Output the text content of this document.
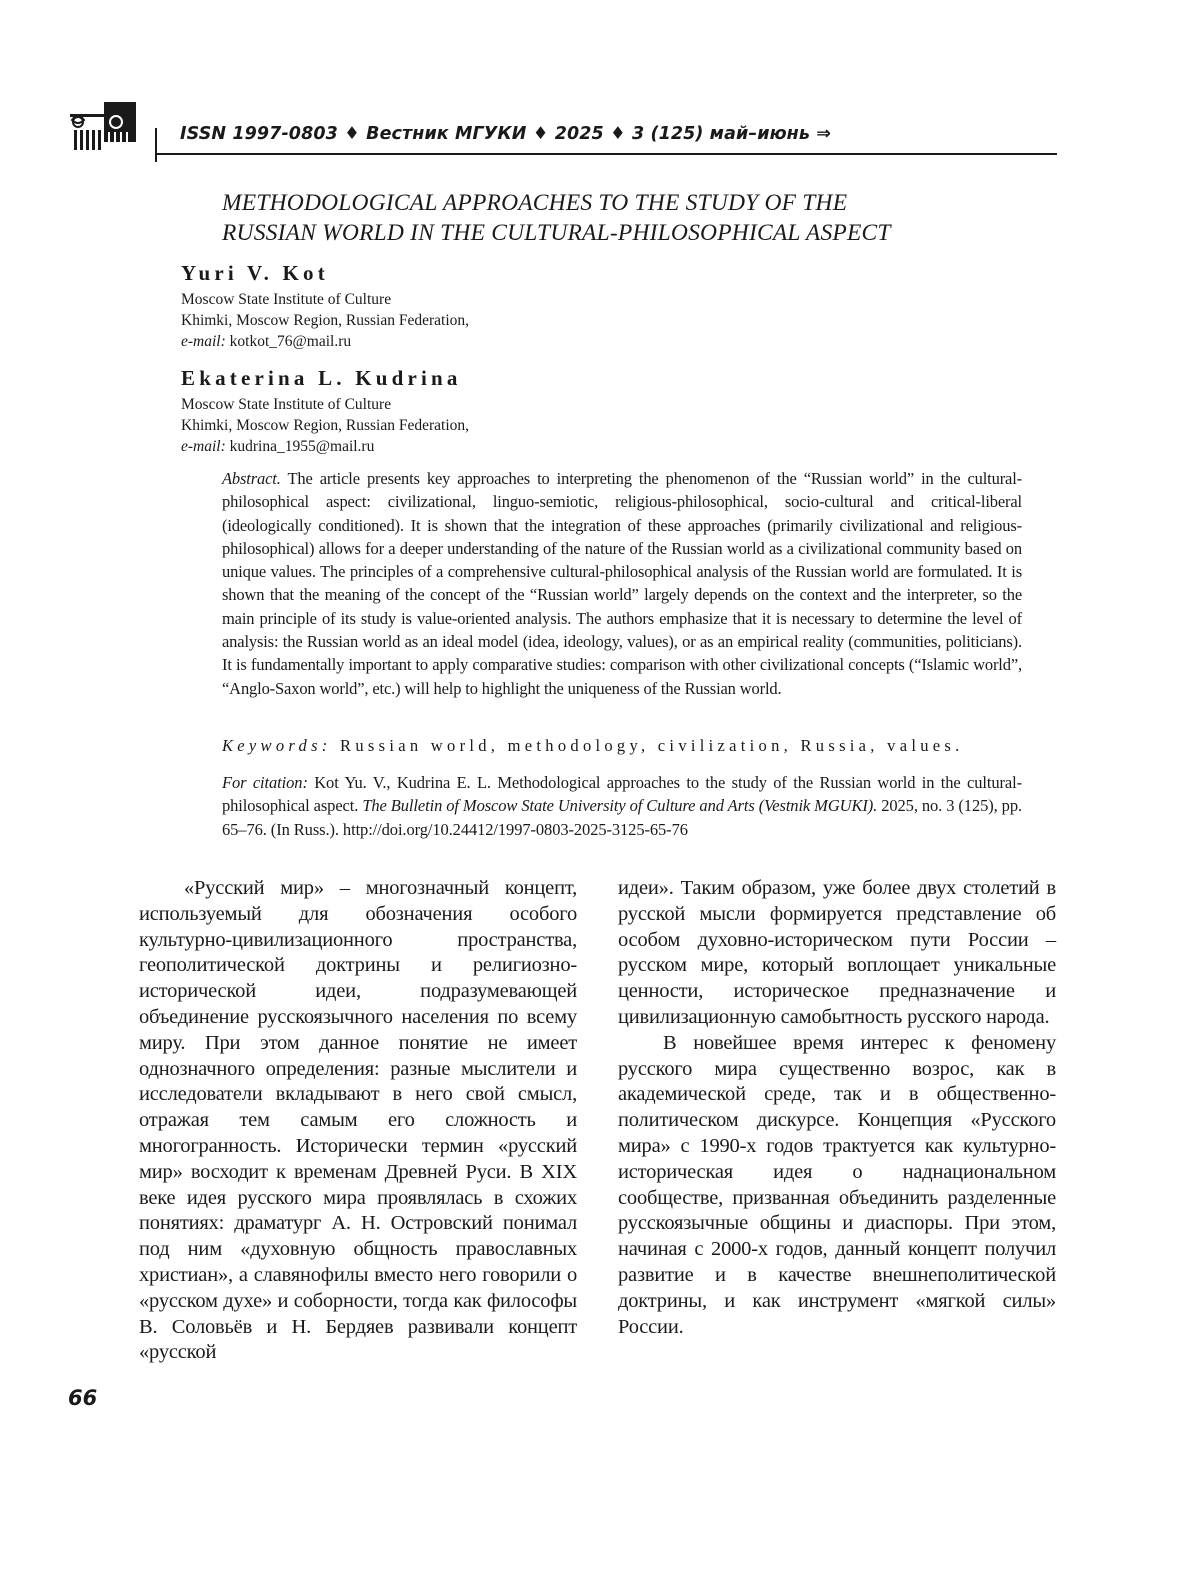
ISSN 1997-0803 ♦ Вестник МГУКИ ♦ 2025 ♦ 3 (125) май–июнь ⇒
METHODOLOGICAL APPROACHES TO THE STUDY OF THE
RUSSIAN WORLD IN THE CULTURAL-PHILOSOPHICAL ASPECT
Yuri V. Kot
Moscow State Institute of Culture
Khimki, Moscow Region, Russian Federation,
e-mail: kotkot_76@mail.ru
Ekaterina L. Kudrina
Moscow State Institute of Culture
Khimki, Moscow Region, Russian Federation,
e-mail: kudrina_1955@mail.ru
Abstract. The article presents key approaches to interpreting the phenomenon of the “Russian world” in the cultural-philosophical aspect: civilizational, linguo-semiotic, religious-philosophical, socio-cultural and critical-liberal (ideologically conditioned). It is shown that the integration of these approaches (primarily civilizational and religious-philosophical) allows for a deeper understanding of the nature of the Russian world as a civilizational community based on unique values. The principles of a comprehensive cultural-philosophical analysis of the Russian world are formulated. It is shown that the meaning of the concept of the “Russian world” largely depends on the context and the interpreter, so the main principle of its study is value-oriented analysis. The authors emphasize that it is necessary to determine the level of analysis: the Russian world as an ideal model (idea, ideology, values), or as an empirical reality (communities, politicians). It is fundamentally important to apply comparative studies: comparison with other civilizational concepts (“Islamic world”, “Anglo-Saxon world”, etc.) will help to highlight the uniqueness of the Russian world.
Keywords: Russian world, methodology, civilization, Russia, values.
For citation: Kot Yu. V., Kudrina E. L. Methodological approaches to the study of the Russian world in the cultural-philosophical aspect. The Bulletin of Moscow State University of Culture and Arts (Vestnik MGUKI). 2025, no. 3 (125), pp. 65–76. (In Russ.). http://doi.org/10.24412/1997-0803-2025-3125-65-76

«Русский мир» – многозначный концепт, используемый для обозначения особого культурно-цивилизационного пространства, геополитической доктрины и религиозно-исторической идеи, подразумевающей объединение русскоязычного населения по всему миру. При этом данное понятие не имеет однозначного определения: разные мыслители и исследователи вкладывают в него свой смысл, отражая тем самым его сложность и многогранность. Исторически термин «русский мир» восходит к временам Древней Руси. В XIX веке идея русского мира проявлялась в схожих понятиях: драматург А. Н. Островский понимал под ним «духовную общность православных христиан», а славянофилы вместо него говорили о «русском духе» и соборности, тогда как философы В. Соловьёв и Н. Бердяев развивали концепт «русской

идеи». Таким образом, уже более двух столетий в русской мысли формируется представление об особом духовно-историческом пути России – русском мире, который воплощает уникальные ценности, историческое предназначение и цивилизационную самобытность русского народа.

В новейшее время интерес к феномену русского мира существенно возрос, как в академической среде, так и в общественно-политическом дискурсе. Концепция «Русского мира» с 1990-х годов трактуется как культурно-историческая идея о наднациональном сообществе, призванная объединить разделенные русскоязычные общины и диаспоры. При этом, начиная с 2000-х годов, данный концепт получил развитие и в качестве внешнеполитической доктрины, и как инструмент «мягкой силы» России.

66
